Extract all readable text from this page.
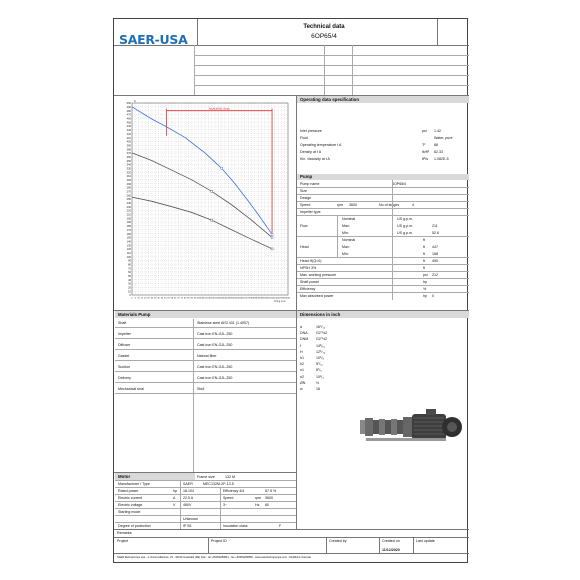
SAER-USA
Technical data
6OP65/4
500
490
480
470
460
450
440
430
420
410
400
390
380
370
360
350
340
330
320
310
300
290
280
270
260
250
240
230
220
210
200
190
180
170
160
150
140
130
120
110
100
90
80
70
60
50
40
30
20
10
0
0 5 10 15 20 25 30 35 40 45 50 55 60 65 70 75 80 85 90 95 100 105 110 115 120 125 130 135 140 145 150 155 160 165 170 175 180 185 190 195 200 205 210 215 220 225 230 235
ft
U.S.g.p.m.
Applicability range
Operating data specification
Inlet pressure	psi 1.42
Fluid	Water, pure
Operating temperature t A	°F 68
Density at t A	lb/ft³ 62.33
Kin. viscosity at t A	ft²/s 1.082E-5
Pump
Pump name	6OP65/4
Size
Design
Speed	rpm 3600	No of stages	4
Impeller type
Nominal	US g.p.m.
Flow	Max:	US g.p.m.	211
Min:	US g.p.m.	52.6
Nominal	ft
Head	Max:	ft 447
Min:	ft 158
Head H(Q=0)	ft 490
NPSH 3%	ft
Max. working pressure	psi 212
Shaft power	hp
Efficiency	%
Max absorbed power	hp 0
Materials Pump
Shaft	Stainless steel AISI 431 (1.4057)
Impeller	Cast iron EN-GJL-250
Diffuser	Cast iron EN-GJL-250
Gasket	Natural fiber
Suction	Cast iron EN-GJL-250
Delivery	Cast iron EN-GJL-250
Mechanical seal	Std4
Dimensions in inch
a	16⁹/₁₆
DNA G2"½2
DNM G2"½2
f	14³/₁₆
H	12⁵/₁₆
h1	10⁵/₈
h2	5⁷/₁₆
n1	8⁷/₈
n2	10¹/₄
ØN	½
w	16
Motor	Frame size	132 M
Manufacturer / Type	SAER	MEC132M-2P-13.5
Rated power	hp 18.104	Efficiency 4/4	87.5 %
Electric current	A 22.5 A	Speed	rpm 3600
Electric voltage	V 460V	3~	Hz 60
Starting mode
Unknown
Degree of protection	IP 55	Insulation class	F
Remarks:
Project	Project ID	Created by	Created on
11/12/2020
Last update
SAER Elettropompe spa - 1 Circonvallazione, 23 - 42016 Guastalla (RE) Italy - tel +39052283841 - fax +39052283868 - www.saerelettropompe.com - Modifiche riservate
